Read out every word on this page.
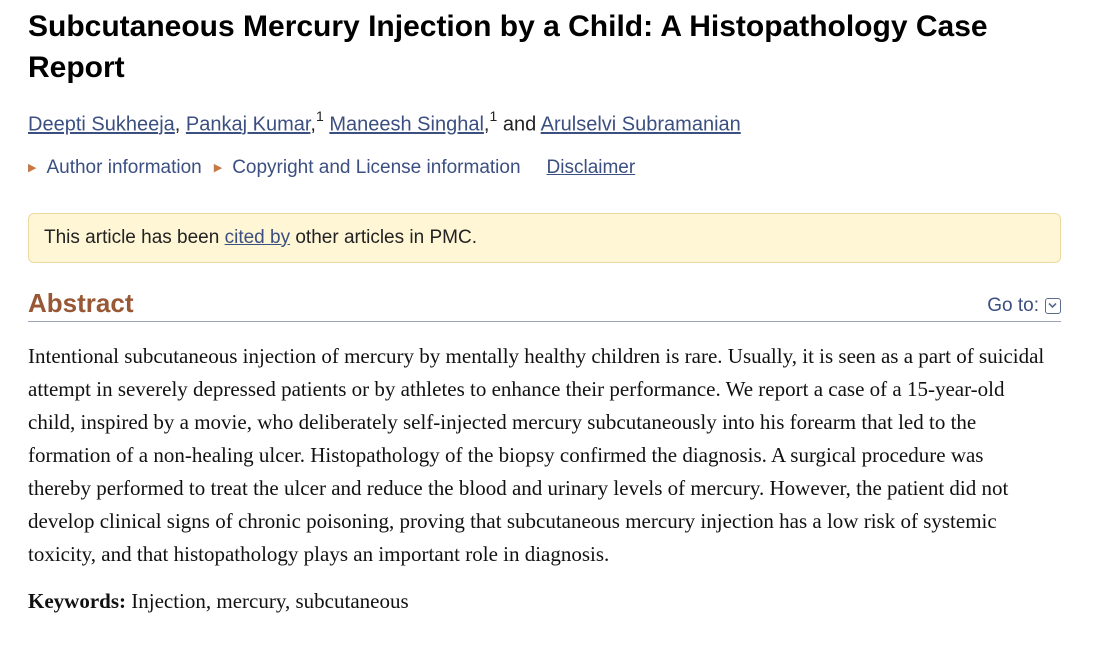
Subcutaneous Mercury Injection by a Child: A Histopathology Case Report
Deepti Sukheeja, Pankaj Kumar,$^1$ Maneesh Singhal,$^1$ and Arulselvi Subramanian
▶ Author information ▶ Copyright and License information Disclaimer
This article has been cited by other articles in PMC.
Abstract	Go to:

Intentional subcutaneous injection of mercury by mentally healthy children is rare. Usually, it is seen as a part of suicidal attempt in severely depressed patients or by athletes to enhance their performance. We report a case of a 15-year-old child, inspired by a movie, who deliberately self-injected mercury subcutaneously into his forearm that led to the formation of a non-healing ulcer. Histopathology of the biopsy confirmed the diagnosis. A surgical procedure was thereby performed to treat the ulcer and reduce the blood and urinary levels of mercury. However, the patient did not develop clinical signs of chronic poisoning, proving that subcutaneous mercury injection has a low risk of systemic toxicity, and that histopathology plays an important role in diagnosis.

Keywords: Injection, mercury, subcutaneous
